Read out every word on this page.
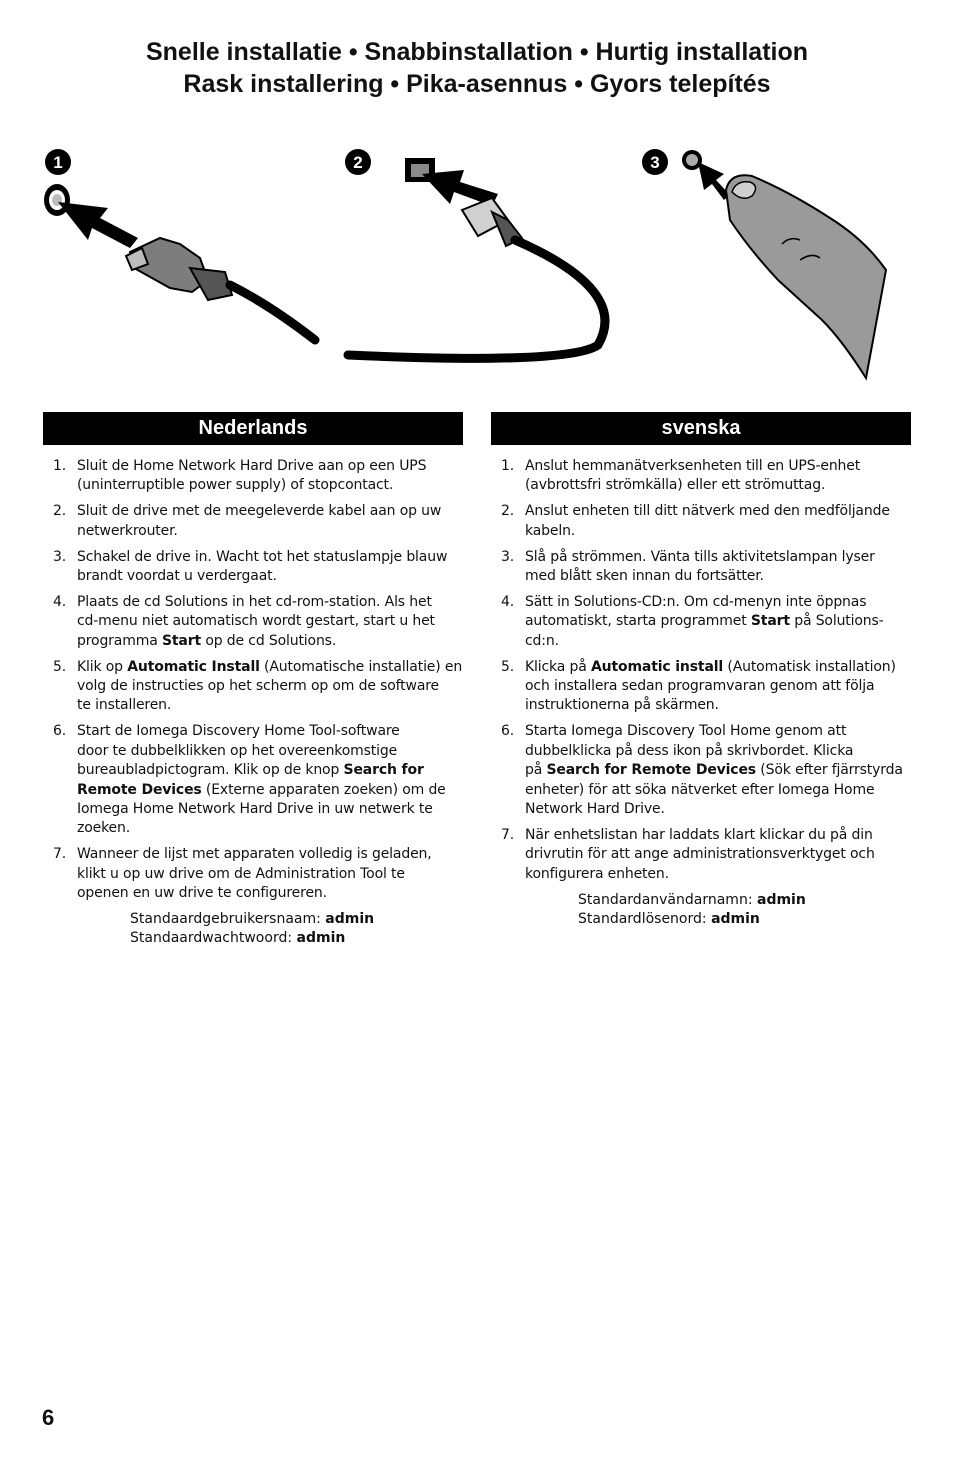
Snelle installatie • Snabbinstallation • Hurtig installation
Rask installering • Pika-asennus • Gyors telepítés
1	2	3
Nederlands
1. Sluit de Home Network Hard Drive aan op een UPS
(uninterruptible power supply) of stopcontact.
2. Sluit de drive met de meegeleverde kabel aan op uw
netwerkrouter.
3. Schakel de drive in. Wacht tot het statuslampje blauw
brandt voordat u verdergaat.
4. Plaats de cd Solutions in het cd-rom-station. Als het
cd-menu niet automatisch wordt gestart, start u het
programma Start op de cd Solutions.
5. Klik op Automatic Install (Automatische installatie) en
volg de instructies op het scherm op om de software
te installeren.
6. Start de Iomega Discovery Home Tool-software
door te dubbelklikken op het overeenkomstige
bureaubladpictogram. Klik op de knop Search for
Remote Devices (Externe apparaten zoeken) om de
Iomega Home Network Hard Drive in uw netwerk te
zoeken.
7. Wanneer de lijst met apparaten volledig is geladen,
klikt u op uw drive om de Administration Tool te
openen en uw drive te configureren.
Standaardgebruikersnaam: admin
Standaardwachtwoord: admin
svenska
1. Anslut hemmanätverksenheten till en UPS-enhet
(avbrottsfri strömkälla) eller ett strömuttag.
2. Anslut enheten till ditt nätverk med den medföljande
kabeln.
3. Slå på strömmen. Vänta tills aktivitetslampan lyser
med blått sken innan du fortsätter.
4. Sätt in Solutions-CD:n. Om cd-menyn inte öppnas
automatiskt, starta programmet Start på Solutions-
cd:n.
5. Klicka på Automatic install (Automatisk installation)
och installera sedan programvaran genom att följa
instruktionerna på skärmen.
6. Starta Iomega Discovery Tool Home genom att
dubbelklicka på dess ikon på skrivbordet. Klicka
på Search for Remote Devices (Sök efter fjärrstyrda
enheter) för att söka nätverket efter Iomega Home
Network Hard Drive.
7. När enhetslistan har laddats klart klickar du på din
drivrutin för att ange administrationsverktyget och
konfigurera enheten.
Standardanvändarnamn: admin
Standardlösenord: admin
6
